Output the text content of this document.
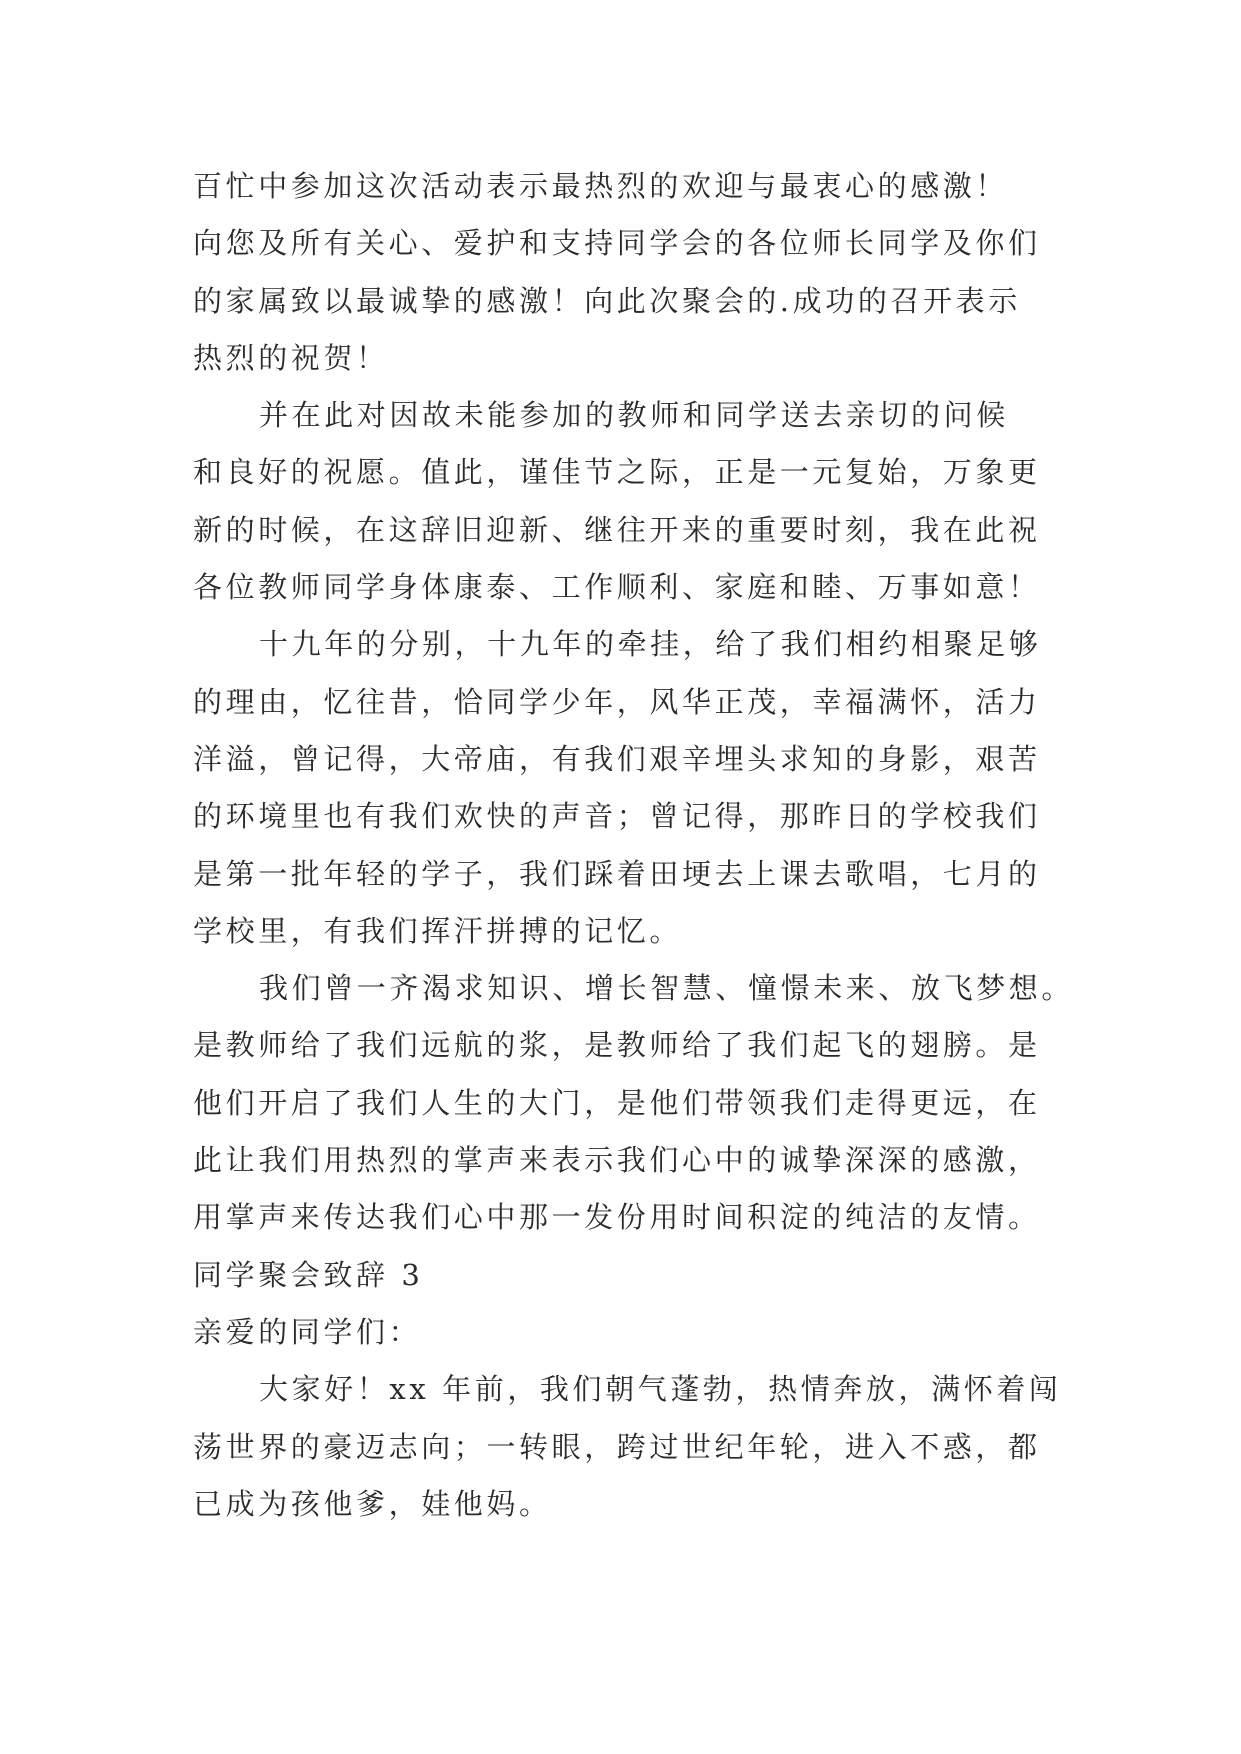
百忙中参加这次活动表示最热烈的欢迎与最衷心的感激！
向您及所有关心、爱护和支持同学会的各位师长同学及你们
的家属致以最诚挚的感激！向此次聚会的.成功的召开表示
热烈的祝贺！

并在此对因故未能参加的教师和同学送去亲切的问候
和良好的祝愿。值此，谨佳节之际，正是一元复始，万象更
新的时候，在这辞旧迎新、继往开来的重要时刻，我在此祝
各位教师同学身体康泰、工作顺利、家庭和睦、万事如意！

十九年的分别，十九年的牵挂，给了我们相约相聚足够
的理由，忆往昔，恰同学少年，风华正茂，幸福满怀，活力
洋溢，曾记得，大帝庙，有我们艰辛埋头求知的身影，艰苦
的环境里也有我们欢快的声音；曾记得，那昨日的学校我们
是第一批年轻的学子，我们踩着田埂去上课去歌唱，七月的
学校里，有我们挥汗拼搏的记忆。

我们曾一齐渴求知识、增长智慧、憧憬未来、放飞梦想。
是教师给了我们远航的浆，是教师给了我们起飞的翅膀。是
他们开启了我们人生的大门，是他们带领我们走得更远，在
此让我们用热烈的掌声来表示我们心中的诚挚深深的感激，
用掌声来传达我们心中那一发份用时间积淀的纯洁的友情。

同学聚会致辞 3

亲爱的同学们：

大家好！xx 年前，我们朝气蓬勃，热情奔放，满怀着闯
荡世界的豪迈志向；一转眼，跨过世纪年轮，进入不惑，都
已成为孩他爹，娃他妈。
